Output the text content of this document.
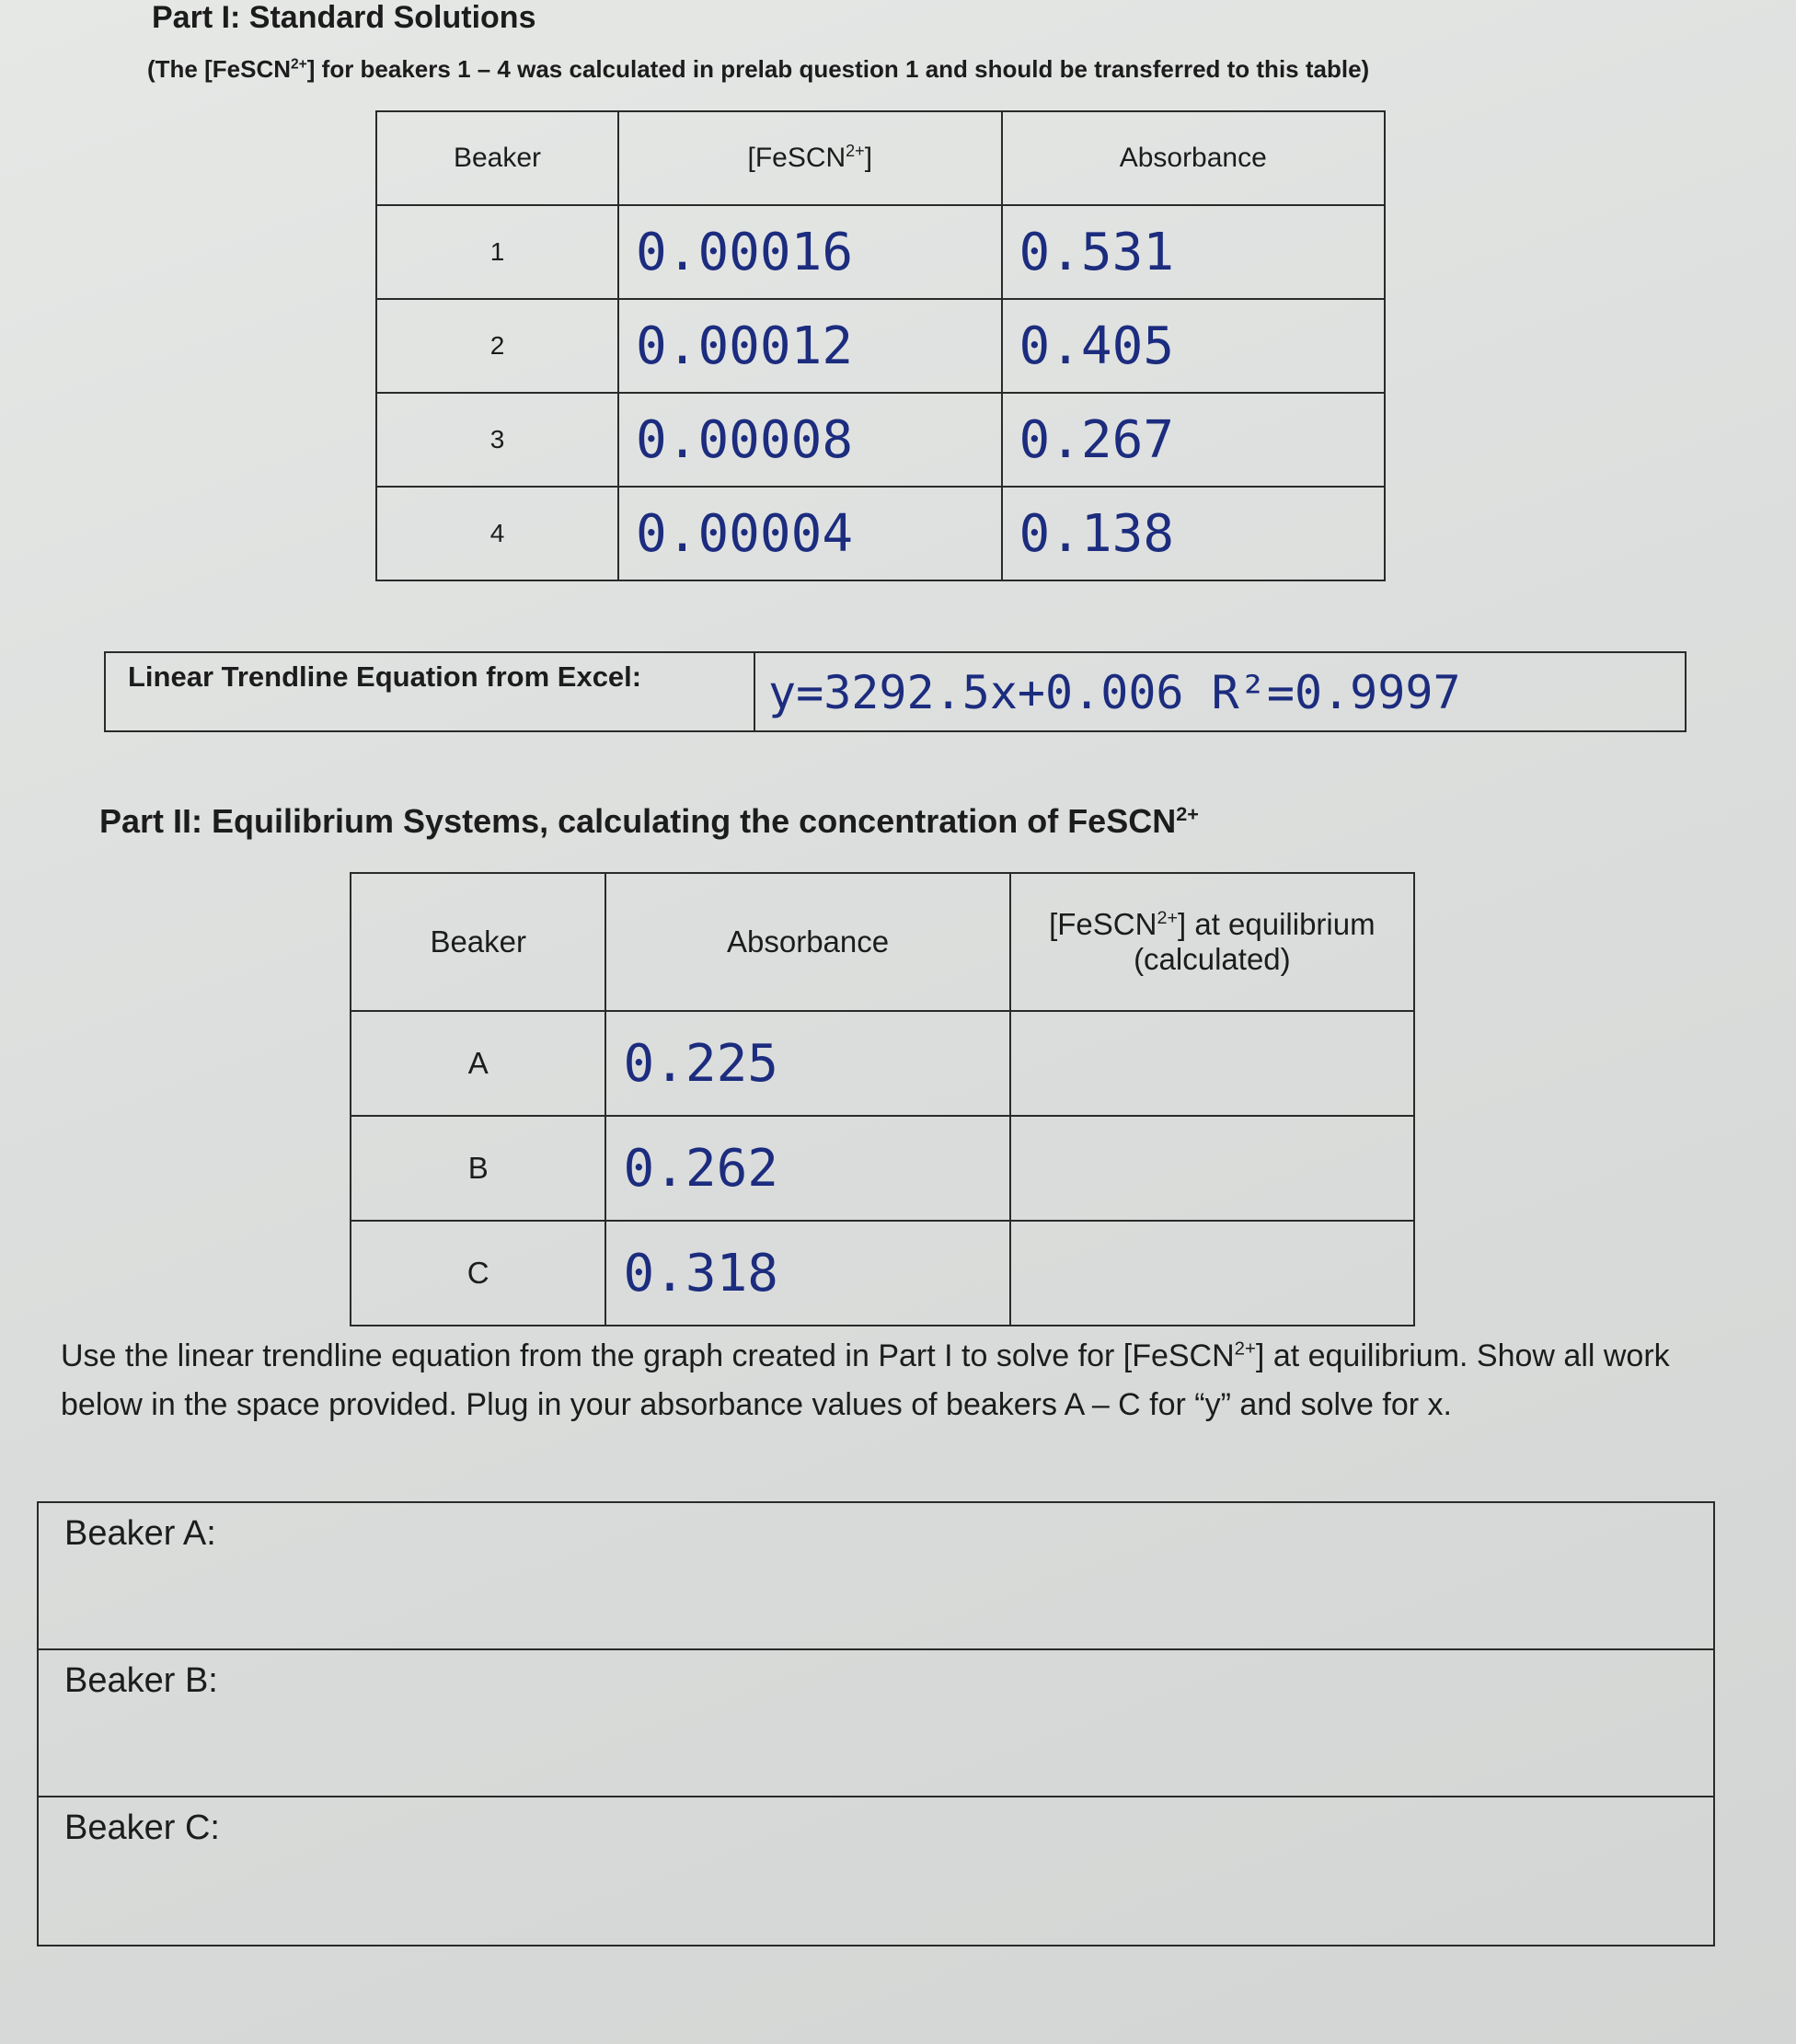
Part I: Standard Solutions
(The [FeSCN$^{2+}$] for beakers 1 – 4 was calculated in prelab question 1 and should be transferred to this table)
Beaker	[FeSCN$^{2+}$]	Absorbance
1	0.00016	0.531
2	0.00012	0.405
3	0.00008	0.267
4	0.00004	0.138
Linear Trendline Equation from Excel:	y=3292.5x+0.006 R²=0.9997
Part II: Equilibrium Systems, calculating the concentration of FeSCN$^{2+}$
Beaker	Absorbance	[FeSCN$^{2+}$] at equilibrium
(calculated)
A	0.225	
B	0.262	
C	0.318	
Use the linear trendline equation from the graph created in Part I to solve for [FeSCN$^{2+}$] at equilibrium. Show all work below in the space provided. Plug in your absorbance values of beakers A – C for “y” and solve for x.
Beaker A:
Beaker B:
Beaker C:
